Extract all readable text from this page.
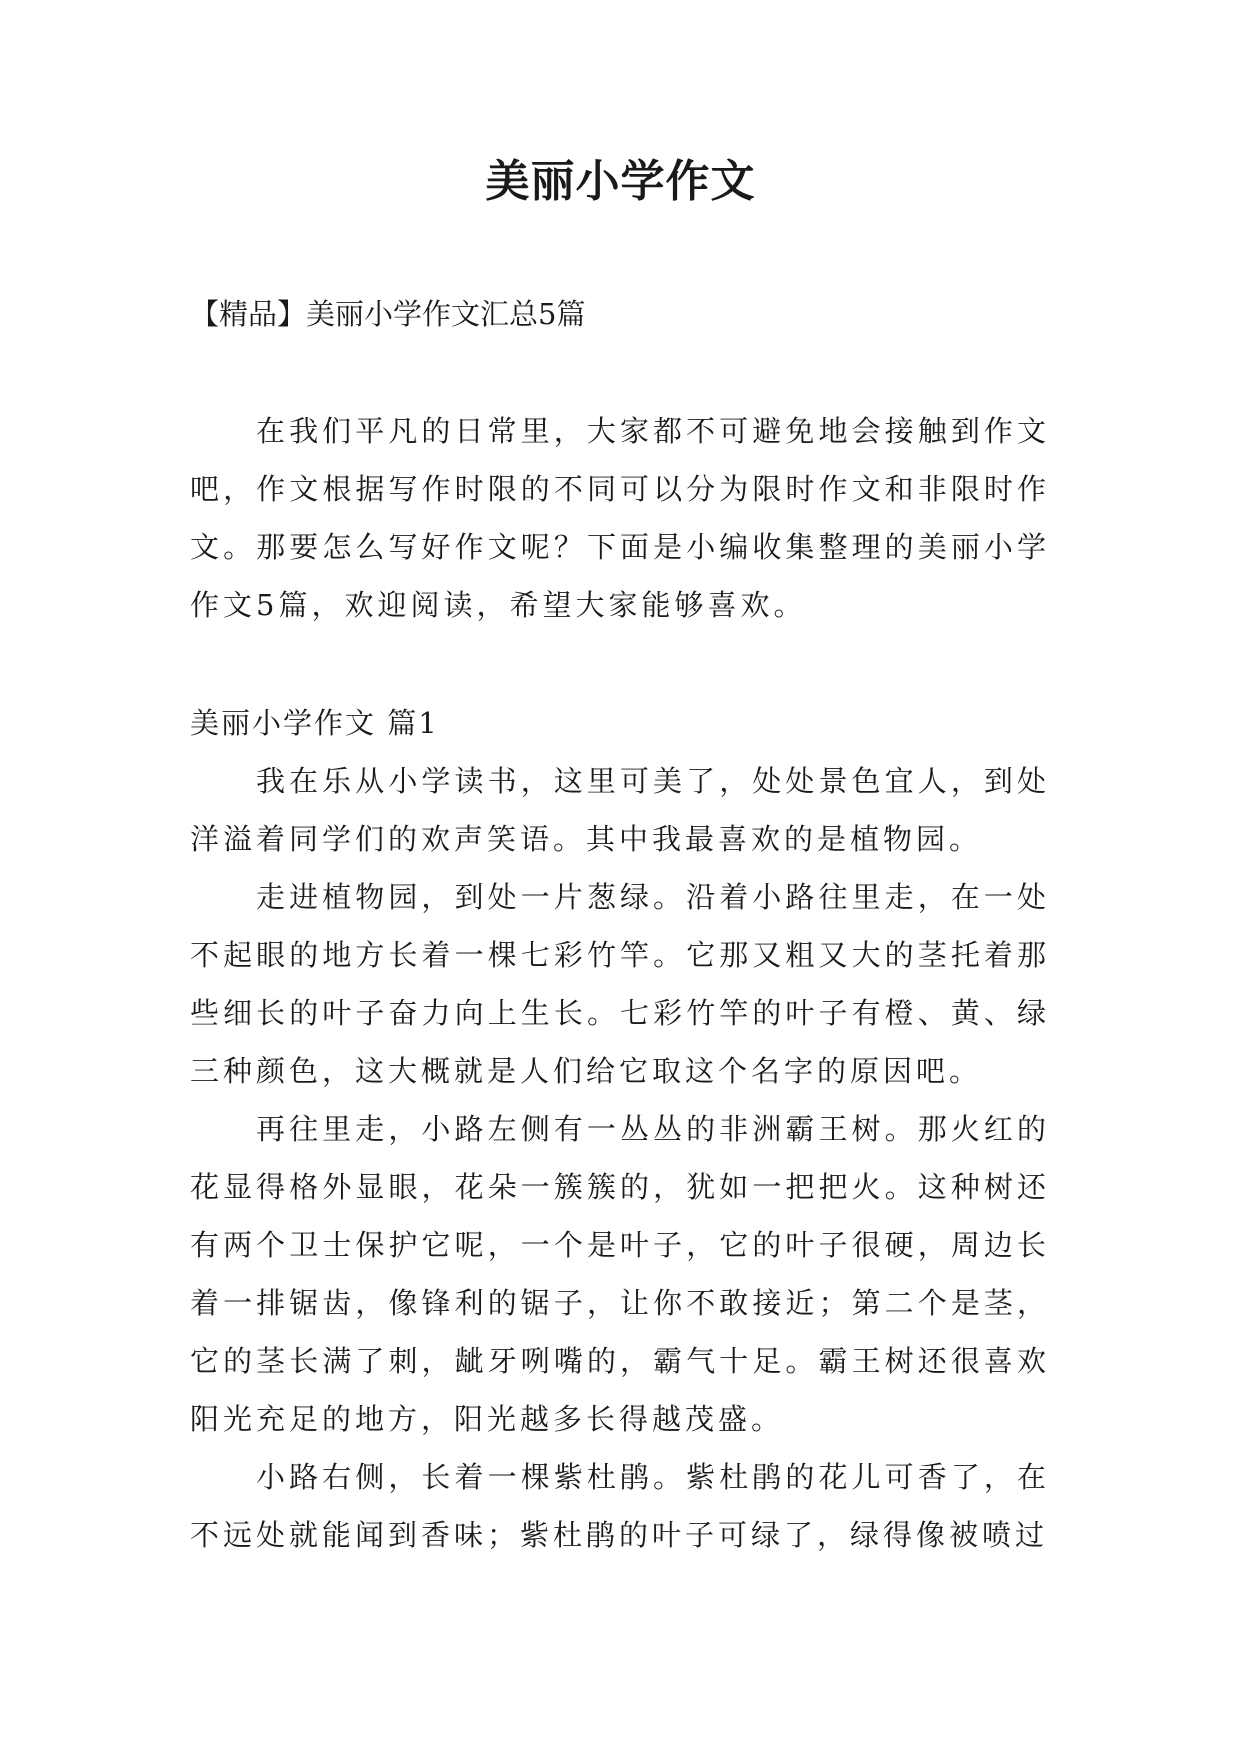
美丽小学作文

【精品】美丽小学作文汇总5篇

在我们平凡的日常里，大家都不可避免地会接触到作文吧，作文根据写作时限的不同可以分为限时作文和非限时作文。那要怎么写好作文呢？下面是小编收集整理的美丽小学作文5篇，欢迎阅读，希望大家能够喜欢。

美丽小学作文 篇1

我在乐从小学读书，这里可美了，处处景色宜人，到处洋溢着同学们的欢声笑语。其中我最喜欢的是植物园。

走进植物园，到处一片葱绿。沿着小路往里走，在一处不起眼的地方长着一棵七彩竹竿。它那又粗又大的茎托着那些细长的叶子奋力向上生长。七彩竹竿的叶子有橙、黄、绿三种颜色，这大概就是人们给它取这个名字的原因吧。

再往里走，小路左侧有一丛丛的非洲霸王树。那火红的花显得格外显眼，花朵一簇簇的，犹如一把把火。这种树还有两个卫士保护它呢，一个是叶子，它的叶子很硬，周边长着一排锯齿，像锋利的锯子，让你不敢接近；第二个是茎，它的茎长满了刺，龇牙咧嘴的，霸气十足。霸王树还很喜欢阳光充足的地方，阳光越多长得越茂盛。

小路右侧，长着一棵紫杜鹃。紫杜鹃的花儿可香了，在不远处就能闻到香味；紫杜鹃的叶子可绿了，绿得像被喷过
